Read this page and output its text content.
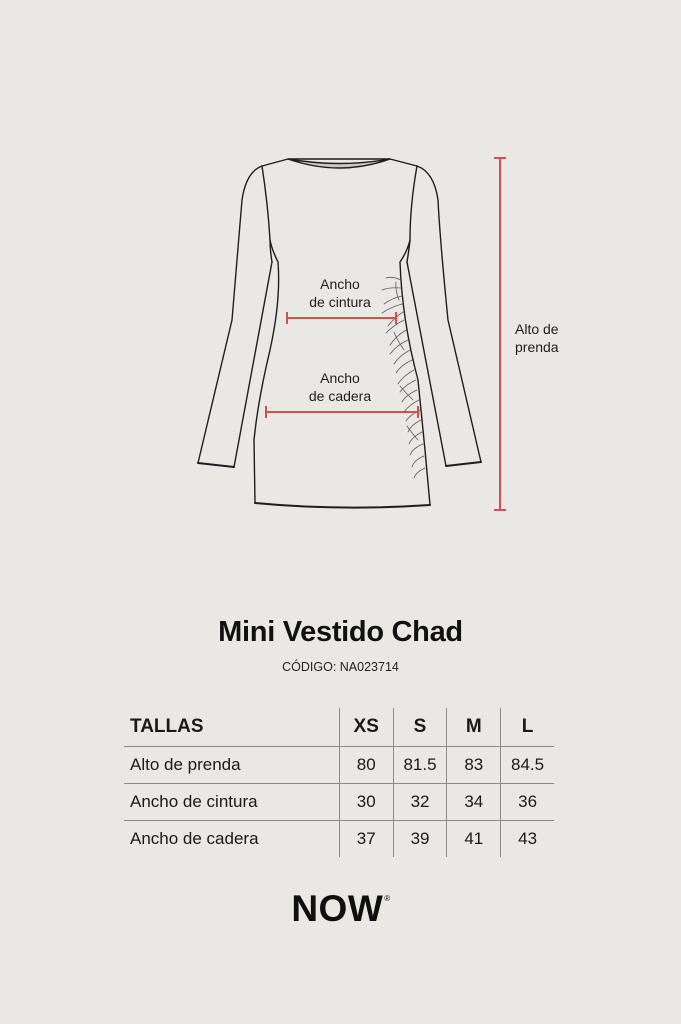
Ancho
de cintura
Ancho
de cadera
Alto de
prenda
Mini Vestido Chad
CÓDIGO: NA023714
TALLAS	XS	S	M	L
Alto de prenda	80	81.5	83	84.5
Ancho de cintura	30	32	34	36
Ancho de cadera	37	39	41	43
NOW®
